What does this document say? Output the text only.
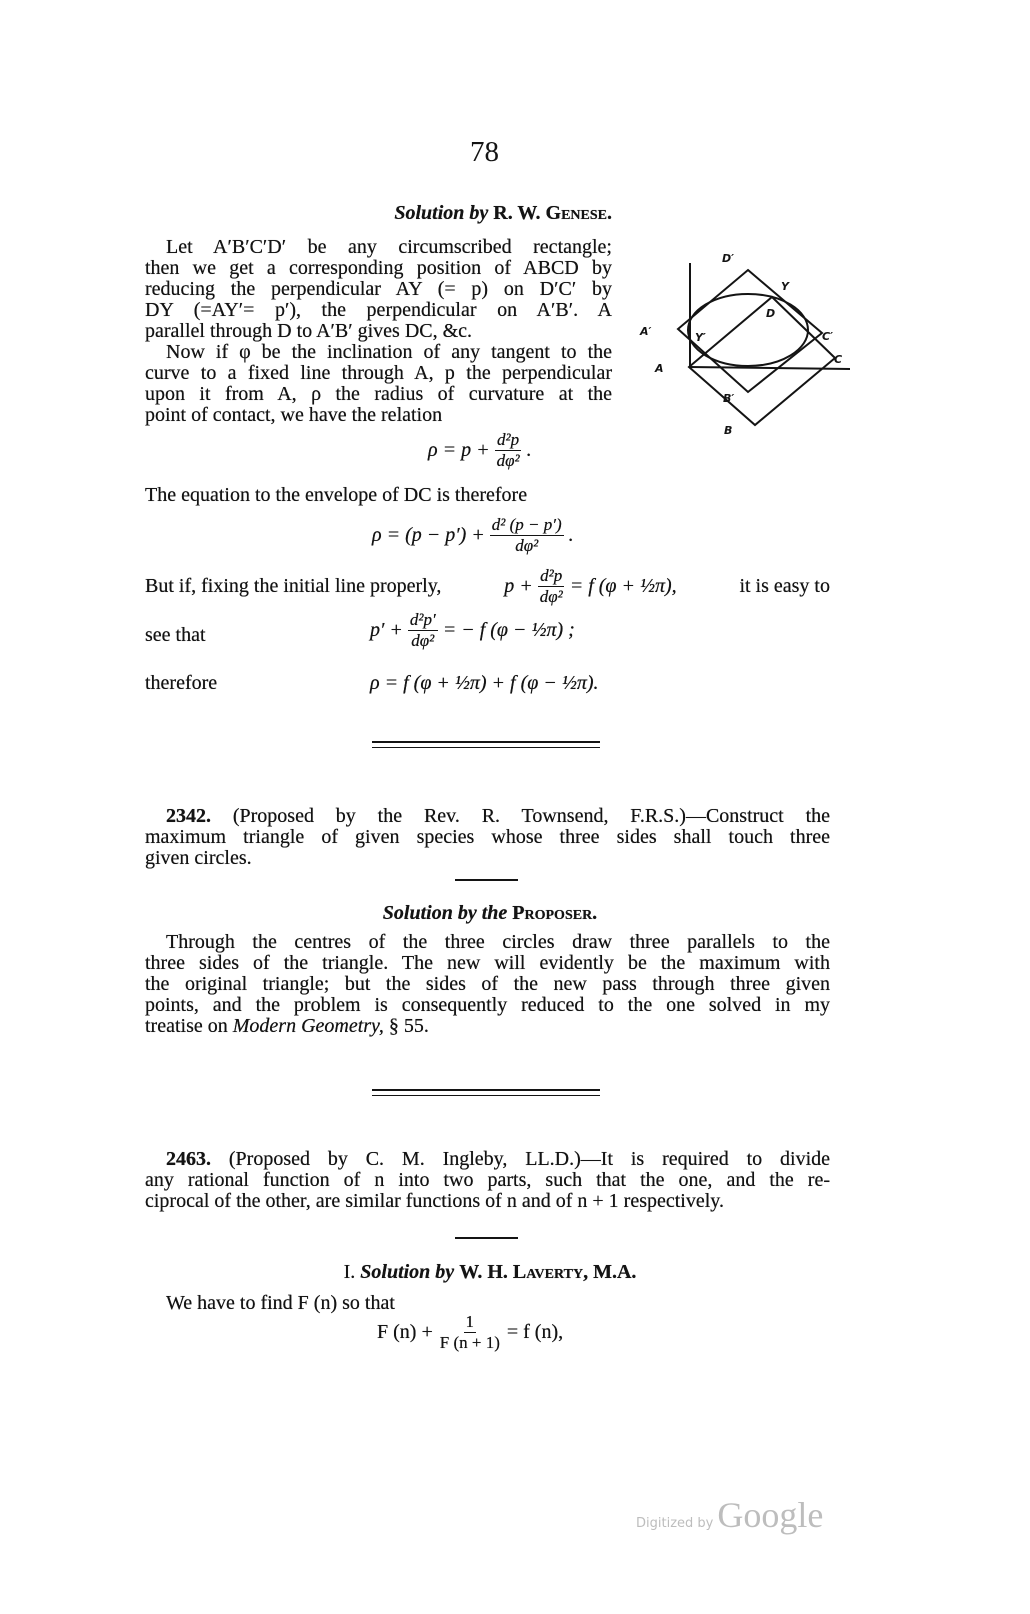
78
Solution by R. W. Genese.
Let A′B′C′D′ be any circumscribed rectangle;
then we get a corresponding position of ABCD by
reducing the perpendicular AY (= p) on D′C′ by
DY (=AY′= p′), the perpendicular on A′B′. A
parallel through D to A′B′ gives DC, &c.
Now if φ be the inclination of any tangent to the
curve to a fixed line through A, p the perpendicular
upon it from A, ρ the radius of curvature at the
point of contact, we have the relation
D′
Y
D
A′	Y′	C′
C
A
B′
B
$\rho = p + \frac{\text{d²p}}{\text{dφ²}}$ .
The equation to the envelope of DC is therefore
$\rho = (p - p') + \frac{\text{d² (p − p′)}}{\text{dφ²}}$ .
But if, fixing the initial line properly,	$p + \frac{\text{d²p}}{\text{dφ²}} = f$ (φ + ½π),	it is easy to
see that	$p' + \frac{\text{d²p′}}{\text{dφ²}}$ = − f (φ − ½π) ;
therefore	ρ = f (φ + ½π) + f (φ − ½π).
2342. (Proposed by the Rev. R. Townsend, F.R.S.)—Construct the
maximum triangle of given species whose three sides shall touch three
given circles.
Solution by the Proposer.
Through the centres of the three circles draw three parallels to the
three sides of the triangle. The new will evidently be the maximum with
the original triangle; but the sides of the new pass through three given
points, and the problem is consequently reduced to the one solved in my
treatise on Modern Geometry, § 55.
2463. (Proposed by C. M. Ingleby, LL.D.)—It is required to divide
any rational function of n into two parts, such that the one, and the re-
ciprocal of the other, are similar functions of n and of n + 1 respectively.
I. Solution by W. H. Laverty, M.A.
We have to find F (n) so that
F $(n) + \frac{1}{F (n + 1)} = f$ (n),
Digitized by Google
